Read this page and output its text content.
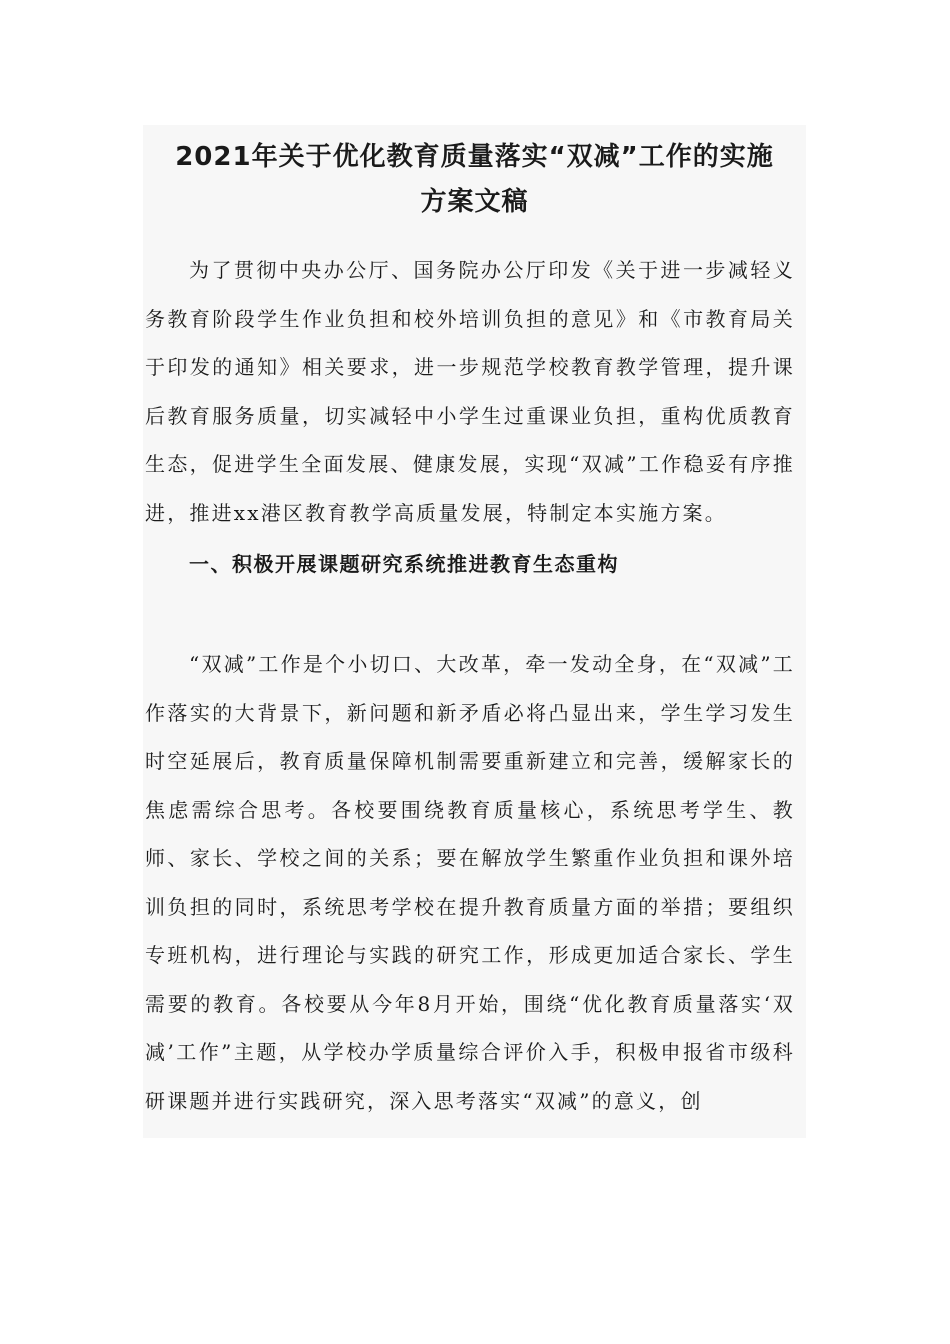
2021年关于优化教育质量落实“双减”工作的实施
方案文稿

为了贯彻中央办公厅、国务院办公厅印发《关于进一步减轻义务教育阶段学生作业负担和校外培训负担的意见》和《市教育局关于印发的通知》相关要求，进一步规范学校教育教学管理，提升课后教育服务质量，切实减轻中小学生过重课业负担，重构优质教育生态，促进学生全面发展、健康发展，实现“双减”工作稳妥有序推进，推进xx港区教育教学高质量发展，特制定本实施方案。

一、积极开展课题研究系统推进教育生态重构

“双减”工作是个小切口、大改革，牵一发动全身，在“双减”工作落实的大背景下，新问题和新矛盾必将凸显出来，学生学习发生时空延展后，教育质量保障机制需要重新建立和完善，缓解家长的焦虑需综合思考。各校要围绕教育质量核心，系统思考学生、教师、家长、学校之间的关系；要在解放学生繁重作业负担和课外培训负担的同时，系统思考学校在提升教育质量方面的举措；要组织专班机构，进行理论与实践的研究工作，形成更加适合家长、学生需要的教育。各校要从今年8月开始，围绕“优化教育质量落实‘双减’工作”主题，从学校办学质量综合评价入手，积极申报省市级科研课题并进行实践研究，深入思考落实“双减”的意义，创
